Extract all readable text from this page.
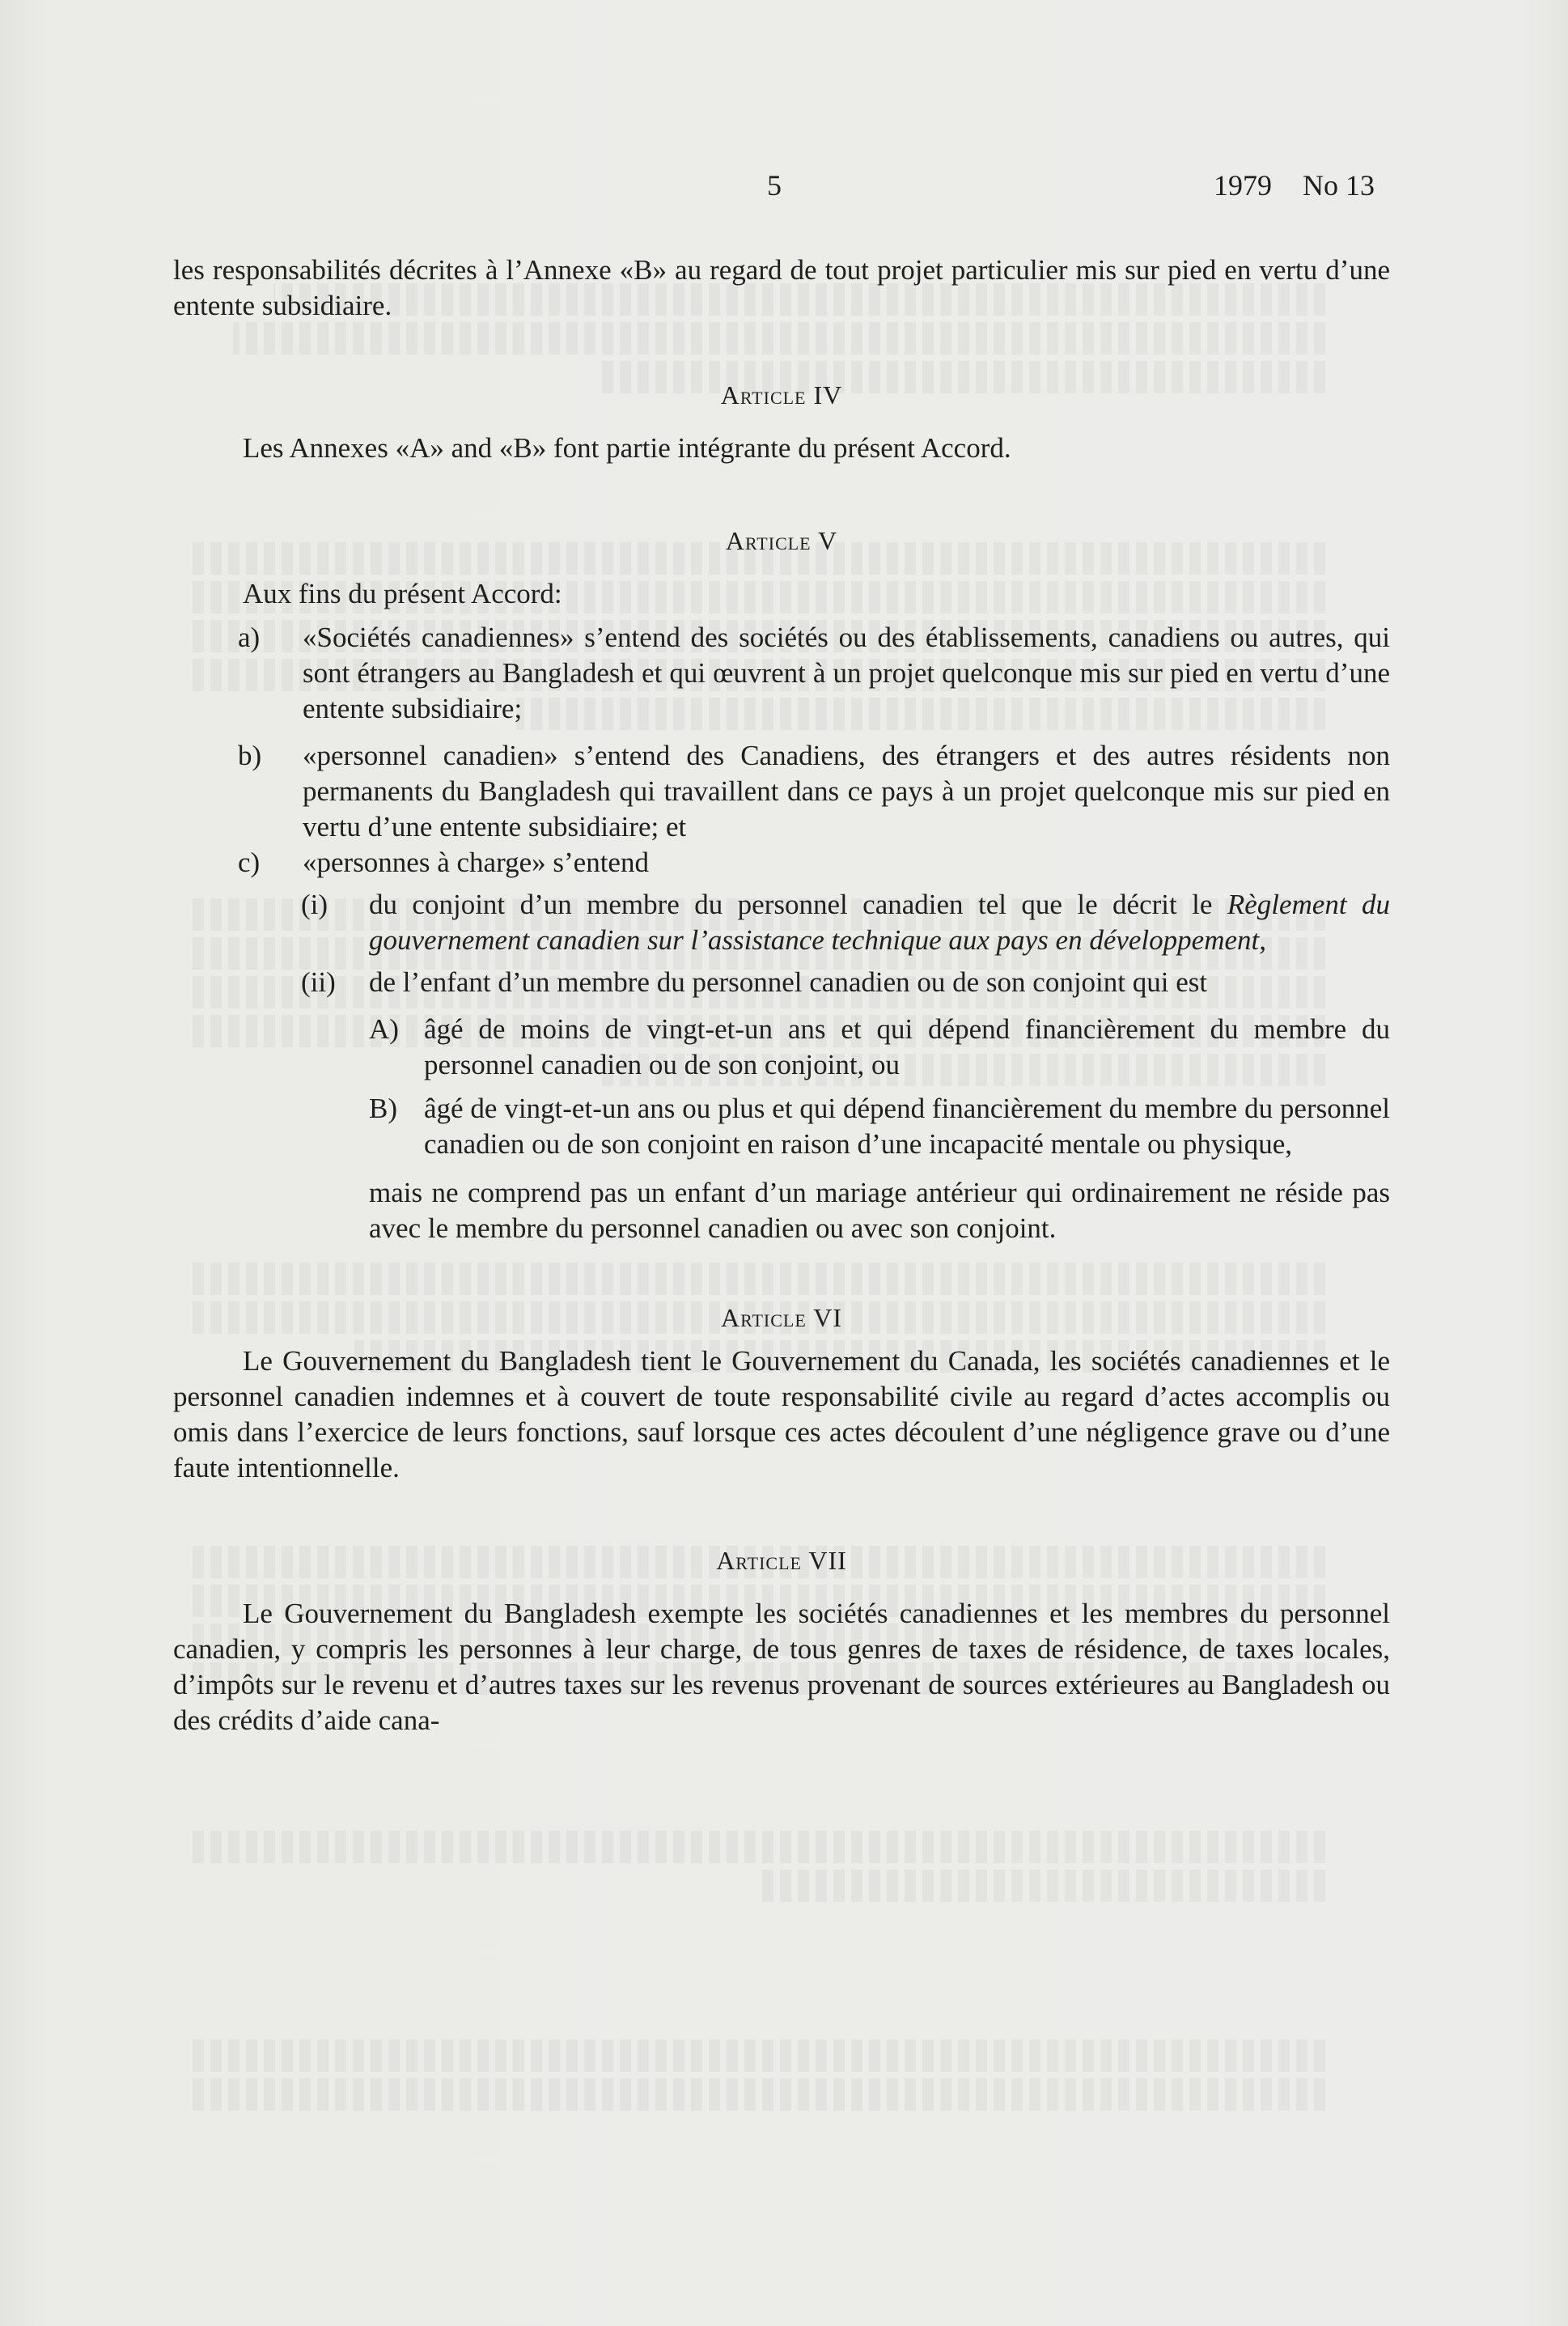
5	1979 No 13

les responsabilités décrites à l’Annexe «B» au regard de tout projet particulier mis sur pied en vertu d’une entente subsidiaire.

Article IV

Les Annexes «A» and «B» font partie intégrante du présent Accord.

Article V

Aux fins du présent Accord:

a)	«Sociétés canadiennes» s’entend des sociétés ou des établissements, canadiens ou autres, qui sont étrangers au Bangladesh et qui œuvrent à un projet quelconque mis sur pied en vertu d’une entente subsidiaire;
b)	«personnel canadien» s’entend des Canadiens, des étrangers et des autres résidents non permanents du Bangladesh qui travaillent dans ce pays à un projet quelconque mis sur pied en vertu d’une entente subsidiaire; et
c)	«personnes à charge» s’entend
(i)	du conjoint d’un membre du personnel canadien tel que le décrit le Règlement du gouvernement canadien sur l’assistance technique aux pays en développement,
(ii)	de l’enfant d’un membre du personnel canadien ou de son conjoint qui est
A) âgé de moins de vingt-et-un ans et qui dépend financièrement du membre du personnel canadien ou de son conjoint, ou
B) âgé de vingt-et-un ans ou plus et qui dépend financièrement du membre du personnel canadien ou de son conjoint en raison d’une incapacité mentale ou physique,

mais ne comprend pas un enfant d’un mariage antérieur qui ordinairement ne réside pas avec le membre du personnel canadien ou avec son conjoint.

Article VI

Le Gouvernement du Bangladesh tient le Gouvernement du Canada, les sociétés canadiennes et le personnel canadien indemnes et à couvert de toute responsabilité civile au regard d’actes accomplis ou omis dans l’exercice de leurs fonctions, sauf lorsque ces actes découlent d’une négligence grave ou d’une faute intentionnelle.

Article VII

Le Gouvernement du Bangladesh exempte les sociétés canadiennes et les membres du personnel canadien, y compris les personnes à leur charge, de tous genres de taxes de résidence, de taxes locales, d’impôts sur le revenu et d’autres taxes sur les revenus provenant de sources extérieures au Bangladesh ou des crédits d’aide cana-
